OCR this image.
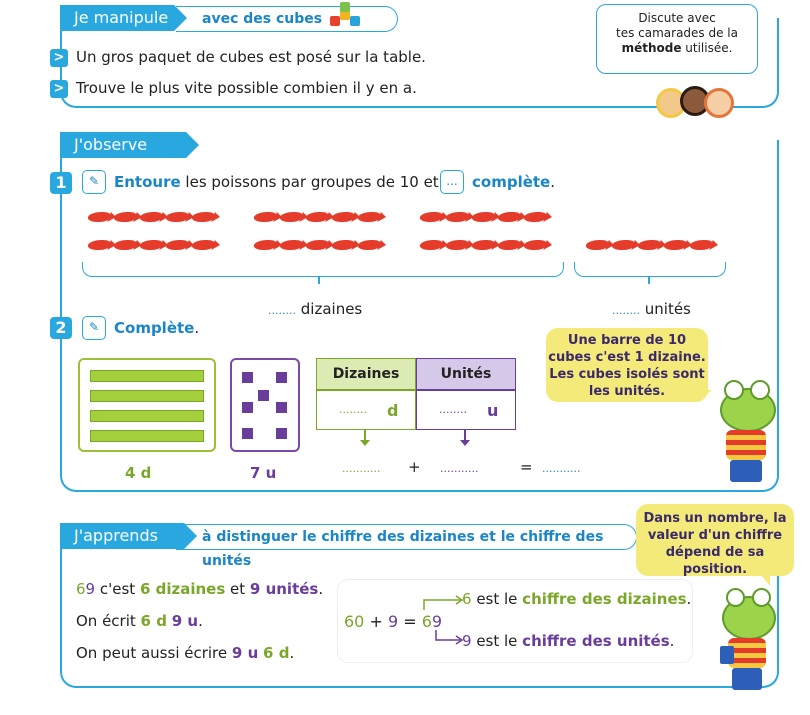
avec des cubes
Je manipule
> Un gros paquet de cubes est posé sur la table.
> Trouve le plus vite possible combien il y en a.
Discute avec
tes camarades de la
méthode utilisée.
J'observe
1	✎ Entoure les poissons par groupes de 10 et ... complète.
........ dizaines	........ unités
2	✎ Complète.
4 d	7 u
Dizaines	Unités
........ d	........ u
........... + ...........	= ...........
Une barre de 10 cubes c'est 1 dizaine. Les cubes isolés sont les unités.
à distinguer le chiffre des dizaines et le chiffre des unités
J'apprends
69 c'est 6 dizaines et 9 unités.
On écrit 6 d 9 u.
On peut aussi écrire 9 u 6 d.
60 + 9 = 69
6 est le chiffre des dizaines.
9 est le chiffre des unités.
Dans un nombre, la valeur d'un chiffre dépend de sa position.
